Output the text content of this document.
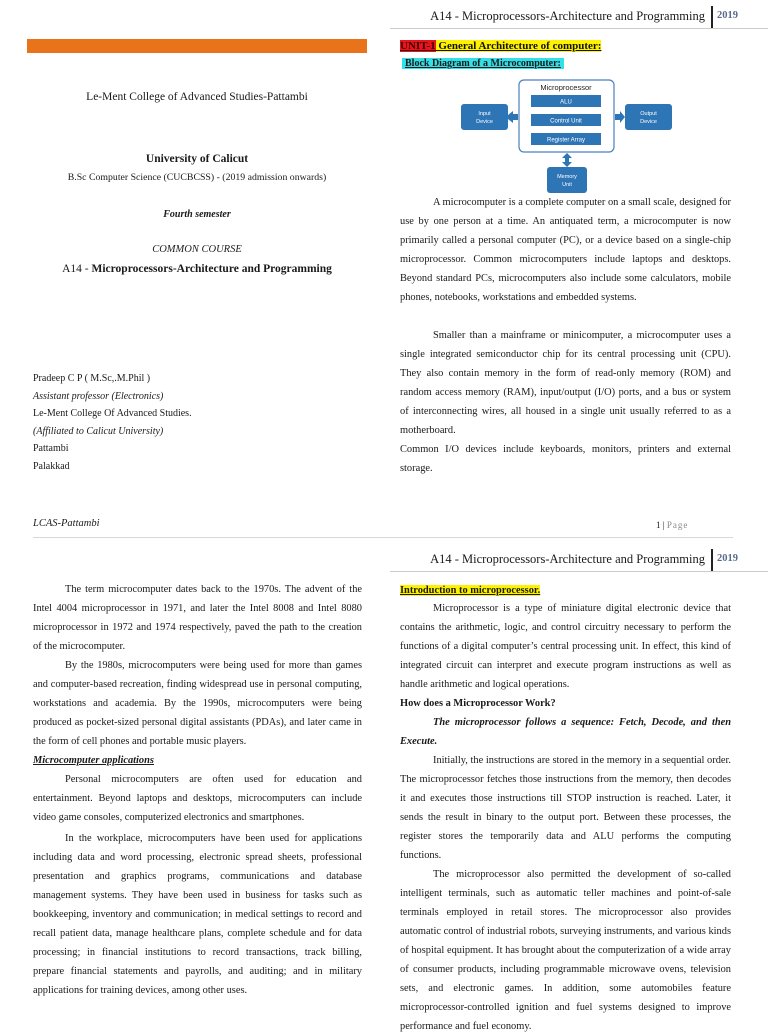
A14 - Microprocessors-Architecture and Programming 2019
Le-Ment College of Advanced Studies-Pattambi
University of Calicut
B.Sc Computer Science (CUCBCSS) - (2019 admission onwards)
Fourth semester
COMMON COURSE
A14 - Microprocessors-Architecture and Programming
Pradeep C P ( M.Sc,.M.Phil )
Assistant professor (Electronics)
Le-Ment College Of Advanced Studies.
(Affiliated to Calicut University)
Pattambi
Palakkad
UNIT-1 General Architecture of computer:
Block Diagram of a Microcomputer:
Microprocessor
ALU
Control Unit
Register Array
Input
Device
Output
Device
Memory
Unit

A microcomputer is a complete computer on a small scale, designed for use by one person at a time. An antiquated term, a microcomputer is now primarily called a personal computer (PC), or a device based on a single-chip microprocessor. Common microcomputers include laptops and desktops. Beyond standard PCs, microcomputers also include some calculators, mobile phones, notebooks, workstations and embedded systems.

Smaller than a mainframe or minicomputer, a microcomputer uses a single integrated semiconductor chip for its central processing unit (CPU). They also contain memory in the form of read-only memory (ROM) and random access memory (RAM), input/output (I/O) ports, and a bus or system of interconnecting wires, all housed in a single unit usually referred to as a motherboard.

Common I/O devices include keyboards, monitors, printers and external storage.

LCAS-Pattambi	1 | Page
A14 - Microprocessors-Architecture and Programming 2019

The term microcomputer dates back to the 1970s. The advent of the Intel 4004 microprocessor in 1971, and later the Intel 8008 and Intel 8080 microprocessor in 1972 and 1974 respectively, paved the path to the creation of the microcomputer.

By the 1980s, microcomputers were being used for more than games and computer-based recreation, finding widespread use in personal computing, workstations and academia. By the 1990s, microcomputers were being produced as pocket-sized personal digital assistants (PDAs), and later came in the form of cell phones and portable music players.

Microcomputer applications

Personal microcomputers are often used for education and entertainment. Beyond laptops and desktops, microcomputers can include video game consoles, computerized electronics and smartphones.

In the workplace, microcomputers have been used for applications including data and word processing, electronic spread sheets, professional presentation and graphics programs, communications and database management systems. They have been used in business for tasks such as bookkeeping, inventory and communication; in medical settings to record and recall patient data, manage healthcare plans, complete schedule and for data processing; in financial institutions to record transactions, track billing, prepare financial statements and payrolls, and auditing; and in military applications for training devices, among other uses.

Introduction to microprocessor.

Microprocessor is a type of miniature digital electronic device that contains the arithmetic, logic, and control circuitry necessary to perform the functions of a digital computer’s central processing unit. In effect, this kind of integrated circuit can interpret and execute program instructions as well as handle arithmetic and logical operations.

How does a Microprocessor Work?

The microprocessor follows a sequence: Fetch, Decode, and then Execute.

Initially, the instructions are stored in the memory in a sequential order. The microprocessor fetches those instructions from the memory, then decodes it and executes those instructions till STOP instruction is reached. Later, it sends the result in binary to the output port. Between these processes, the register stores the temporarily data and ALU performs the computing functions.

The microprocessor also permitted the development of so-called intelligent terminals, such as automatic teller machines and point-of-sale terminals employed in retail stores. The microprocessor also provides automatic control of industrial robots, surveying instruments, and various kinds of hospital equipment. It has brought about the computerization of a wide array of consumer products, including programmable microwave ovens, television sets, and electronic games. In addition, some automobiles feature microprocessor-controlled ignition and fuel systems designed to improve performance and fuel economy.
